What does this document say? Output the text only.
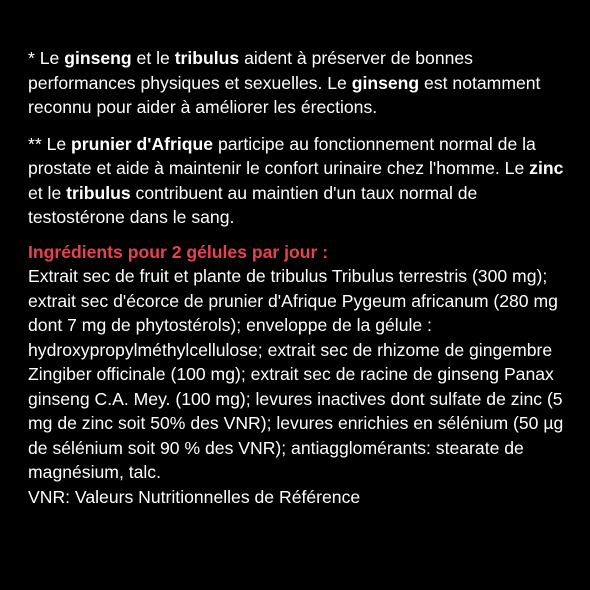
* Le ginseng et le tribulus aident à préserver de bonnes performances physiques et sexuelles. Le ginseng est notamment reconnu pour aider à améliorer les érections.

** Le prunier d'Afrique participe au fonctionnement normal de la prostate et aide à maintenir le confort urinaire chez l'homme. Le zinc et le tribulus contribuent au maintien d'un taux normal de testostérone dans le sang.

Ingrédients pour 2 gélules par jour :
Extrait sec de fruit et plante de tribulus Tribulus terrestris (300 mg); extrait sec d'écorce de prunier d'Afrique Pygeum africanum (280 mg dont 7 mg de phytostérols); enveloppe de la gélule : hydroxypropylméthylcellulose; extrait sec de rhizome de gingembre Zingiber officinale (100 mg); extrait sec de racine de ginseng Panax ginseng C.A. Mey. (100 mg); levures inactives dont sulfate de zinc (5 mg de zinc soit 50% des VNR); levures enrichies en sélénium (50 µg de sélénium soit 90 % des VNR); antiagglomérants: stearate de magnésium, talc.
VNR: Valeurs Nutritionnelles de Référence
